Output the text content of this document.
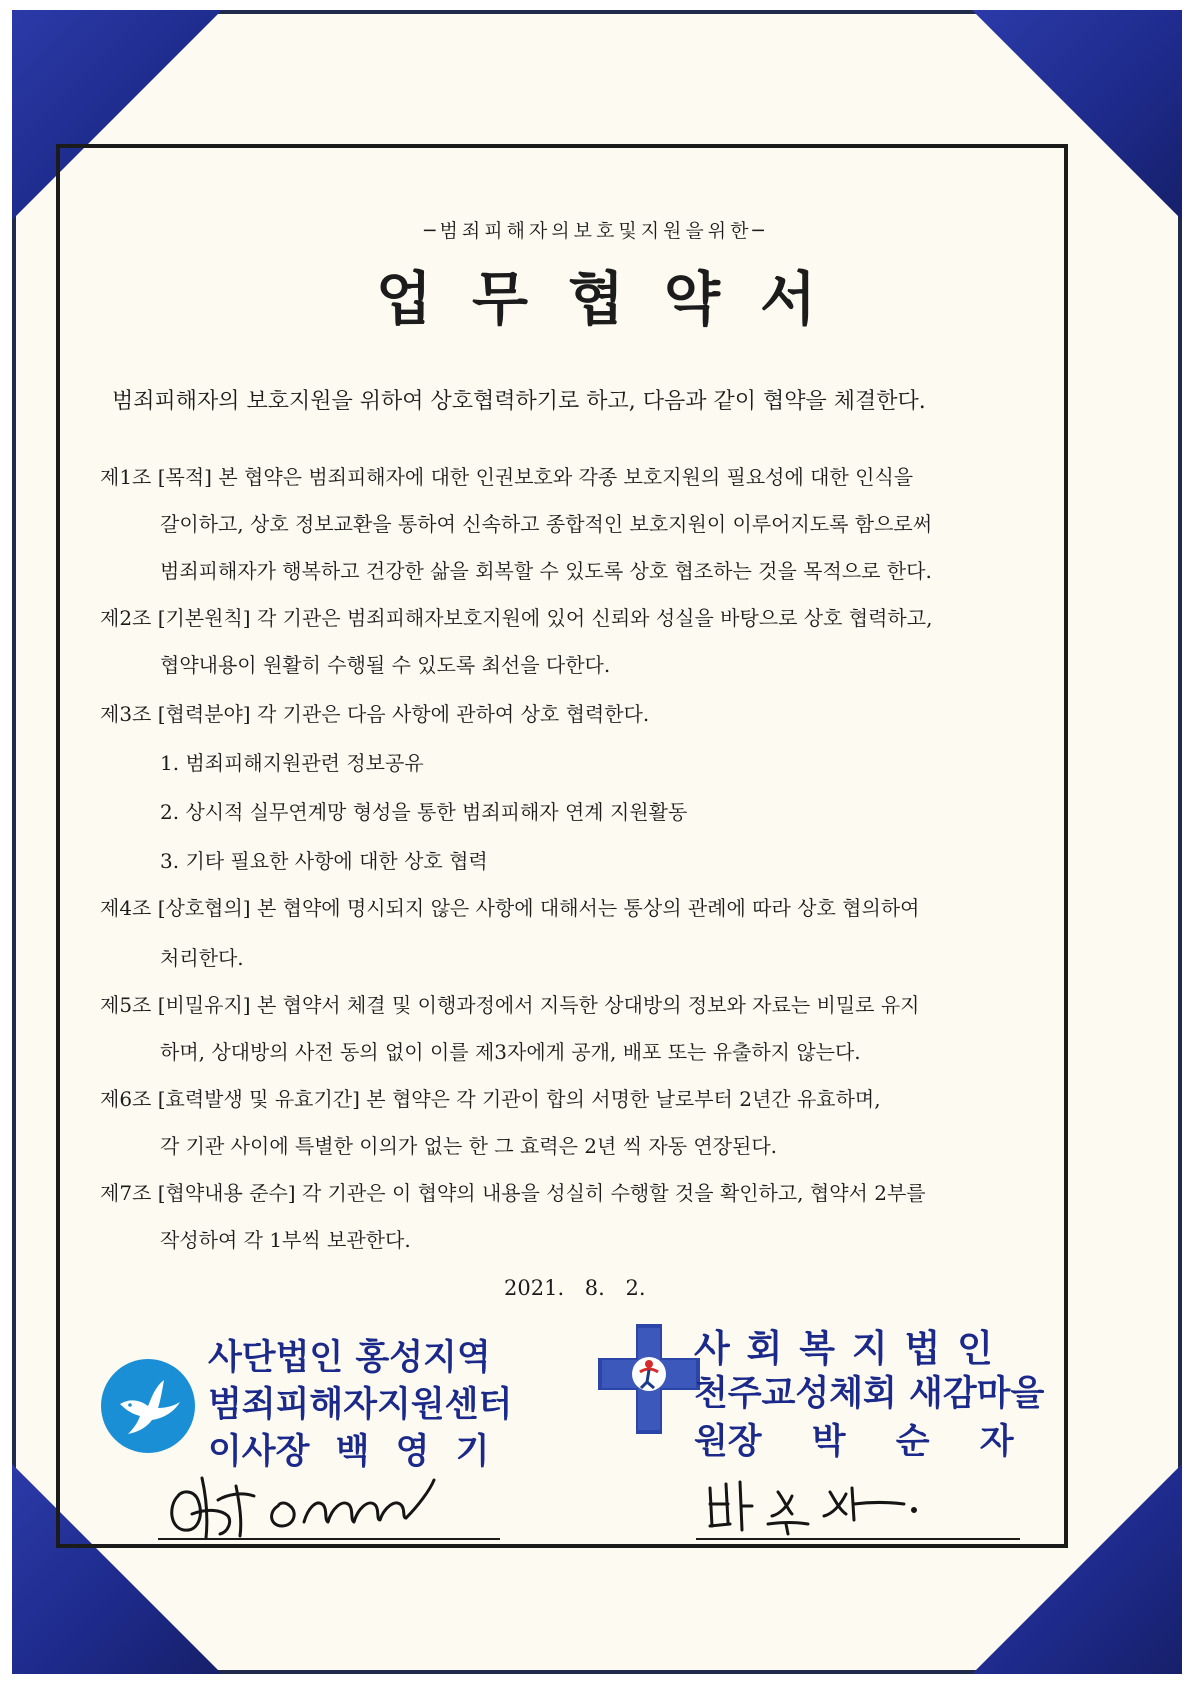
─범죄피해자의보호및지원을위한─
업무협약서
범죄피해자의 보호지원을 위하여 상호협력하기로 하고, 다음과 같이 협약을 체결한다.
제1조 [목적] 본 협약은 범죄피해자에 대한 인권보호와 각종 보호지원의 필요성에 대한 인식을
갈이하고, 상호 정보교환을 통하여 신속하고 종합적인 보호지원이 이루어지도록 함으로써
범죄피해자가 행복하고 건강한 삶을 회복할 수 있도록 상호 협조하는 것을 목적으로 한다.
제2조 [기본원칙] 각 기관은 범죄피해자보호지원에 있어 신뢰와 성실을 바탕으로 상호 협력하고,
협약내용이 원활히 수행될 수 있도록 최선을 다한다.
제3조 [협력분야] 각 기관은 다음 사항에 관하여 상호 협력한다.
1. 범죄피해지원관련 정보공유
2. 상시적 실무연계망 형성을 통한 범죄피해자 연계 지원활동
3. 기타 필요한 사항에 대한 상호 협력
제4조 [상호협의] 본 협약에 명시되지 않은 사항에 대해서는 통상의 관례에 따라 상호 협의하여
처리한다.
제5조 [비밀유지] 본 협약서 체결 및 이행과정에서 지득한 상대방의 정보와 자료는 비밀로 유지
하며, 상대방의 사전 동의 없이 이를 제3자에게 공개, 배포 또는 유출하지 않는다.
제6조 [효력발생 및 유효기간] 본 협약은 각 기관이 합의 서명한 날로부터 2년간 유효하며,
각 기관 사이에 특별한 이의가 없는 한 그 효력은 2년 씩 자동 연장된다.
제7조 [협약내용 준수] 각 기관은 이 협약의 내용을 성실히 수행할 것을 확인하고, 협약서 2부를
작성하여 각 1부씩 보관한다.
2021. 8. 2.
사단법인 홍성지역
범죄피해자지원센터
이사장 백 영 기
사 회 복 지 법 인
천주교성체회 새감마을
원장 박 순 자
